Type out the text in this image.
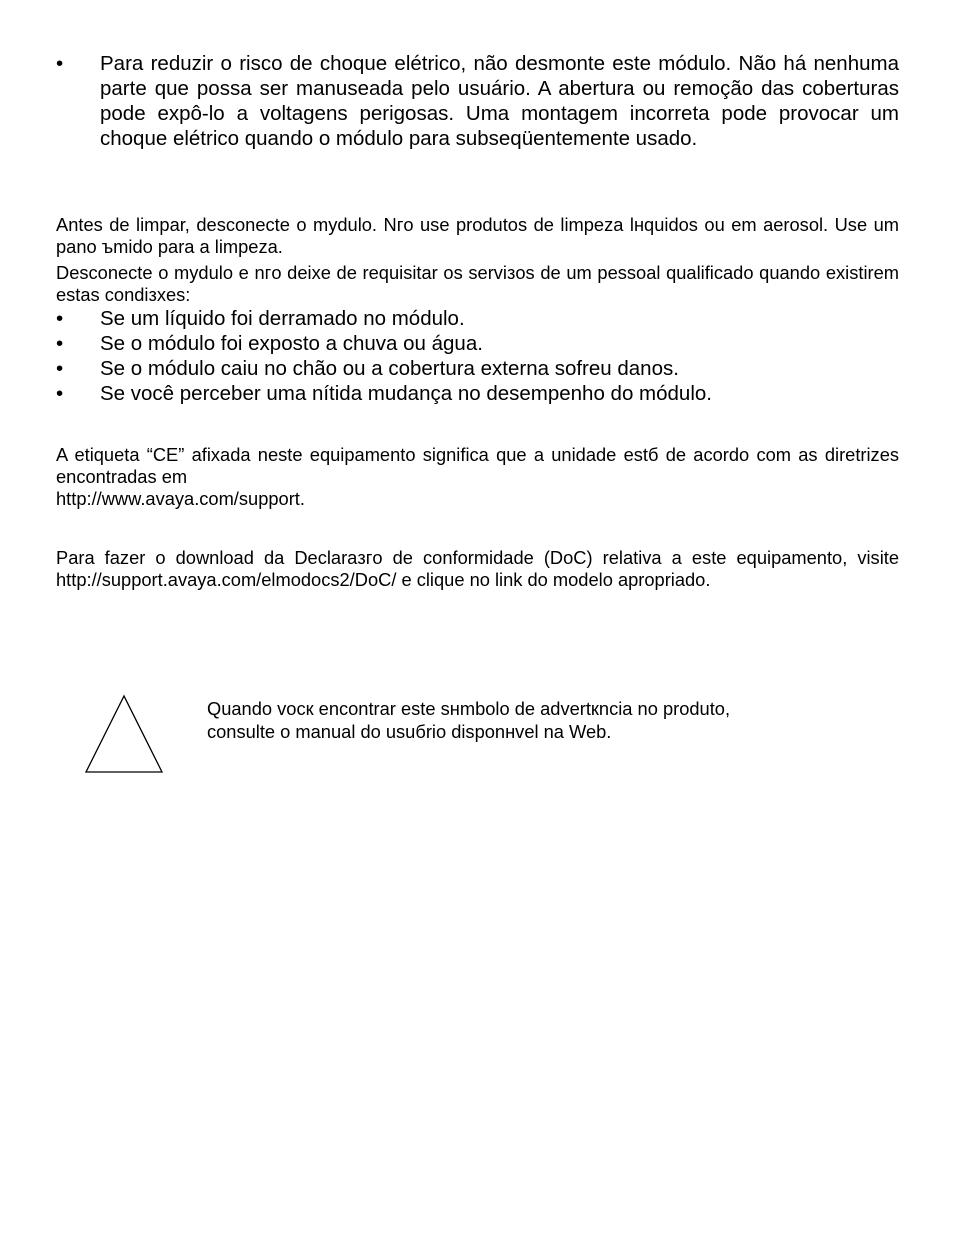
•	Para reduzir o risco de choque elétrico, não desmonte este módulo. Não há nenhuma parte que possa ser manuseada pelo usuário. A abertura ou remoção das coberturas pode expô-lo a voltagens perigosas. Uma montagem incorreta pode provocar um choque elétrico quando o módulo para subseqüentemente usado.

Antes de limpar, desconecte o mуdulo. Nгo use produtos de limpeza lнquidos ou em aerosol. Use um pano ъmido para a limpeza.

Desconecte o mуdulo e nгo deixe de requisitar os serviзos de um pessoal qualificado quando existirem estas condiзхes:

•	Se um líquido foi derramado no módulo.
•	Se o módulo foi exposto a chuva ou água.
•	Se o módulo caiu no chão ou a cobertura externa sofreu danos.
•	Se você perceber uma nítida mudança no desempenho do módulo.

A etiqueta “CE” afixada neste equipamento significa que a unidade estб de acordo com as diretrizes encontradas em

http://www.avaya.com/support.

Para fazer o download da Declaraзгo de conformidade (DoC) relativa a este equipamento, visite http://support.avaya.com/elmodocs2/DoC/ e clique no link do modelo apropriado.

Quando vocк encontrar este sнmbolo de advertкncia no produto,
consulte o manual do usuбrio disponнvel na Web.
